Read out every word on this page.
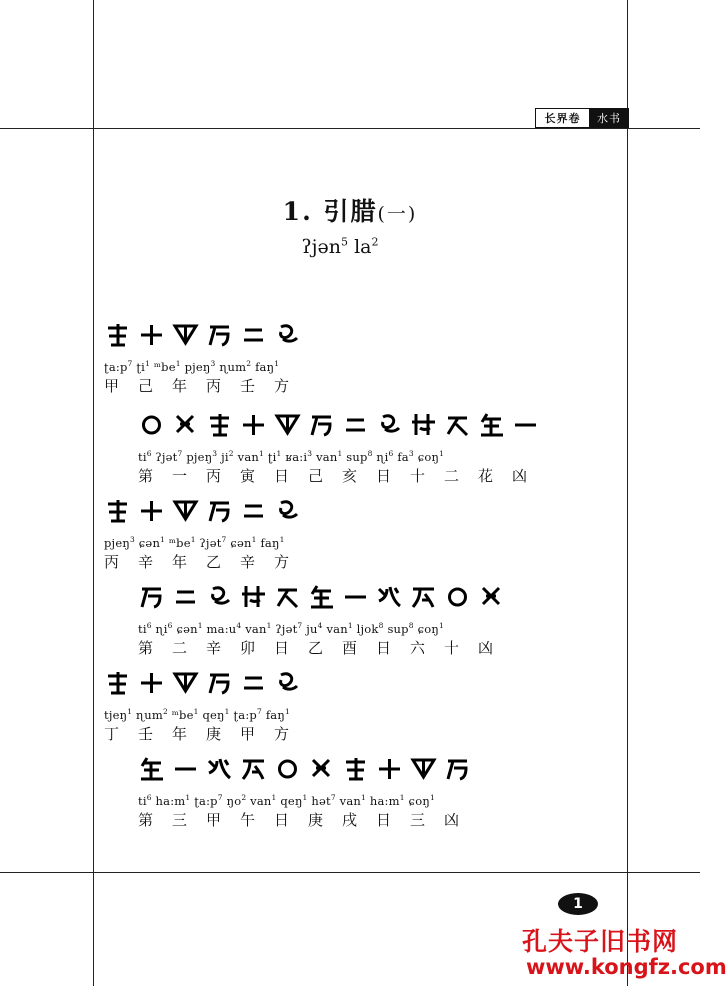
长界卷	水书
1. 引腊(一)
ʔjən$^5$ $la^2$
$ʈa:p^7$ ʈi$^1$ ᵐbe$^1$ pjeŋ$^3$ ɳum$^2$ faŋ$^1$
甲 己 年 丙 壬 方
$ti^6$ ʔjət$^7$ pjeŋ$^3$ $ji^2$ van$^1$ ʈi$^1$ $ʁa:i^3$ van$^1$ sup$^8$ ɳi$^6$ $fa^3$ ɕoŋ$^1$
第 一 丙 寅 日 己 亥 日 十 二 花 凶
pjeŋ$^3$ ɕən$^1$ ᵐbe$^1$ ʔjət$^7$ ɕən$^1$ faŋ$^1$
丙 辛 年 乙 辛 方
$ti^6$ ɳi$^6$ ɕən$^1$ $ma:u^4$ van$^1$ ʔjət$^7$ $ju^4$ van$^1$ ljok$^8$ sup$^8$ ɕoŋ$^1$
第 二 辛 卯 日 乙 酉 日 六 十 凶
tjeŋ$^1$ ɳum$^2$ ᵐbe$^1$ qeŋ$^1$ $ʈa:p^7$ faŋ$^1$
丁 壬 年 庚 甲 方
$ti^6$ $ha:m^1$ $ʈa:p^7$ $ŋo^2$ van$^1$ qeŋ$^1$ hət$^7$ van$^1$ $ha:m^1$ ɕoŋ$^1$
第 三 甲 午 日 庚 戌 日 三 凶
1
孔夫子旧书网
www.kongfz.com
